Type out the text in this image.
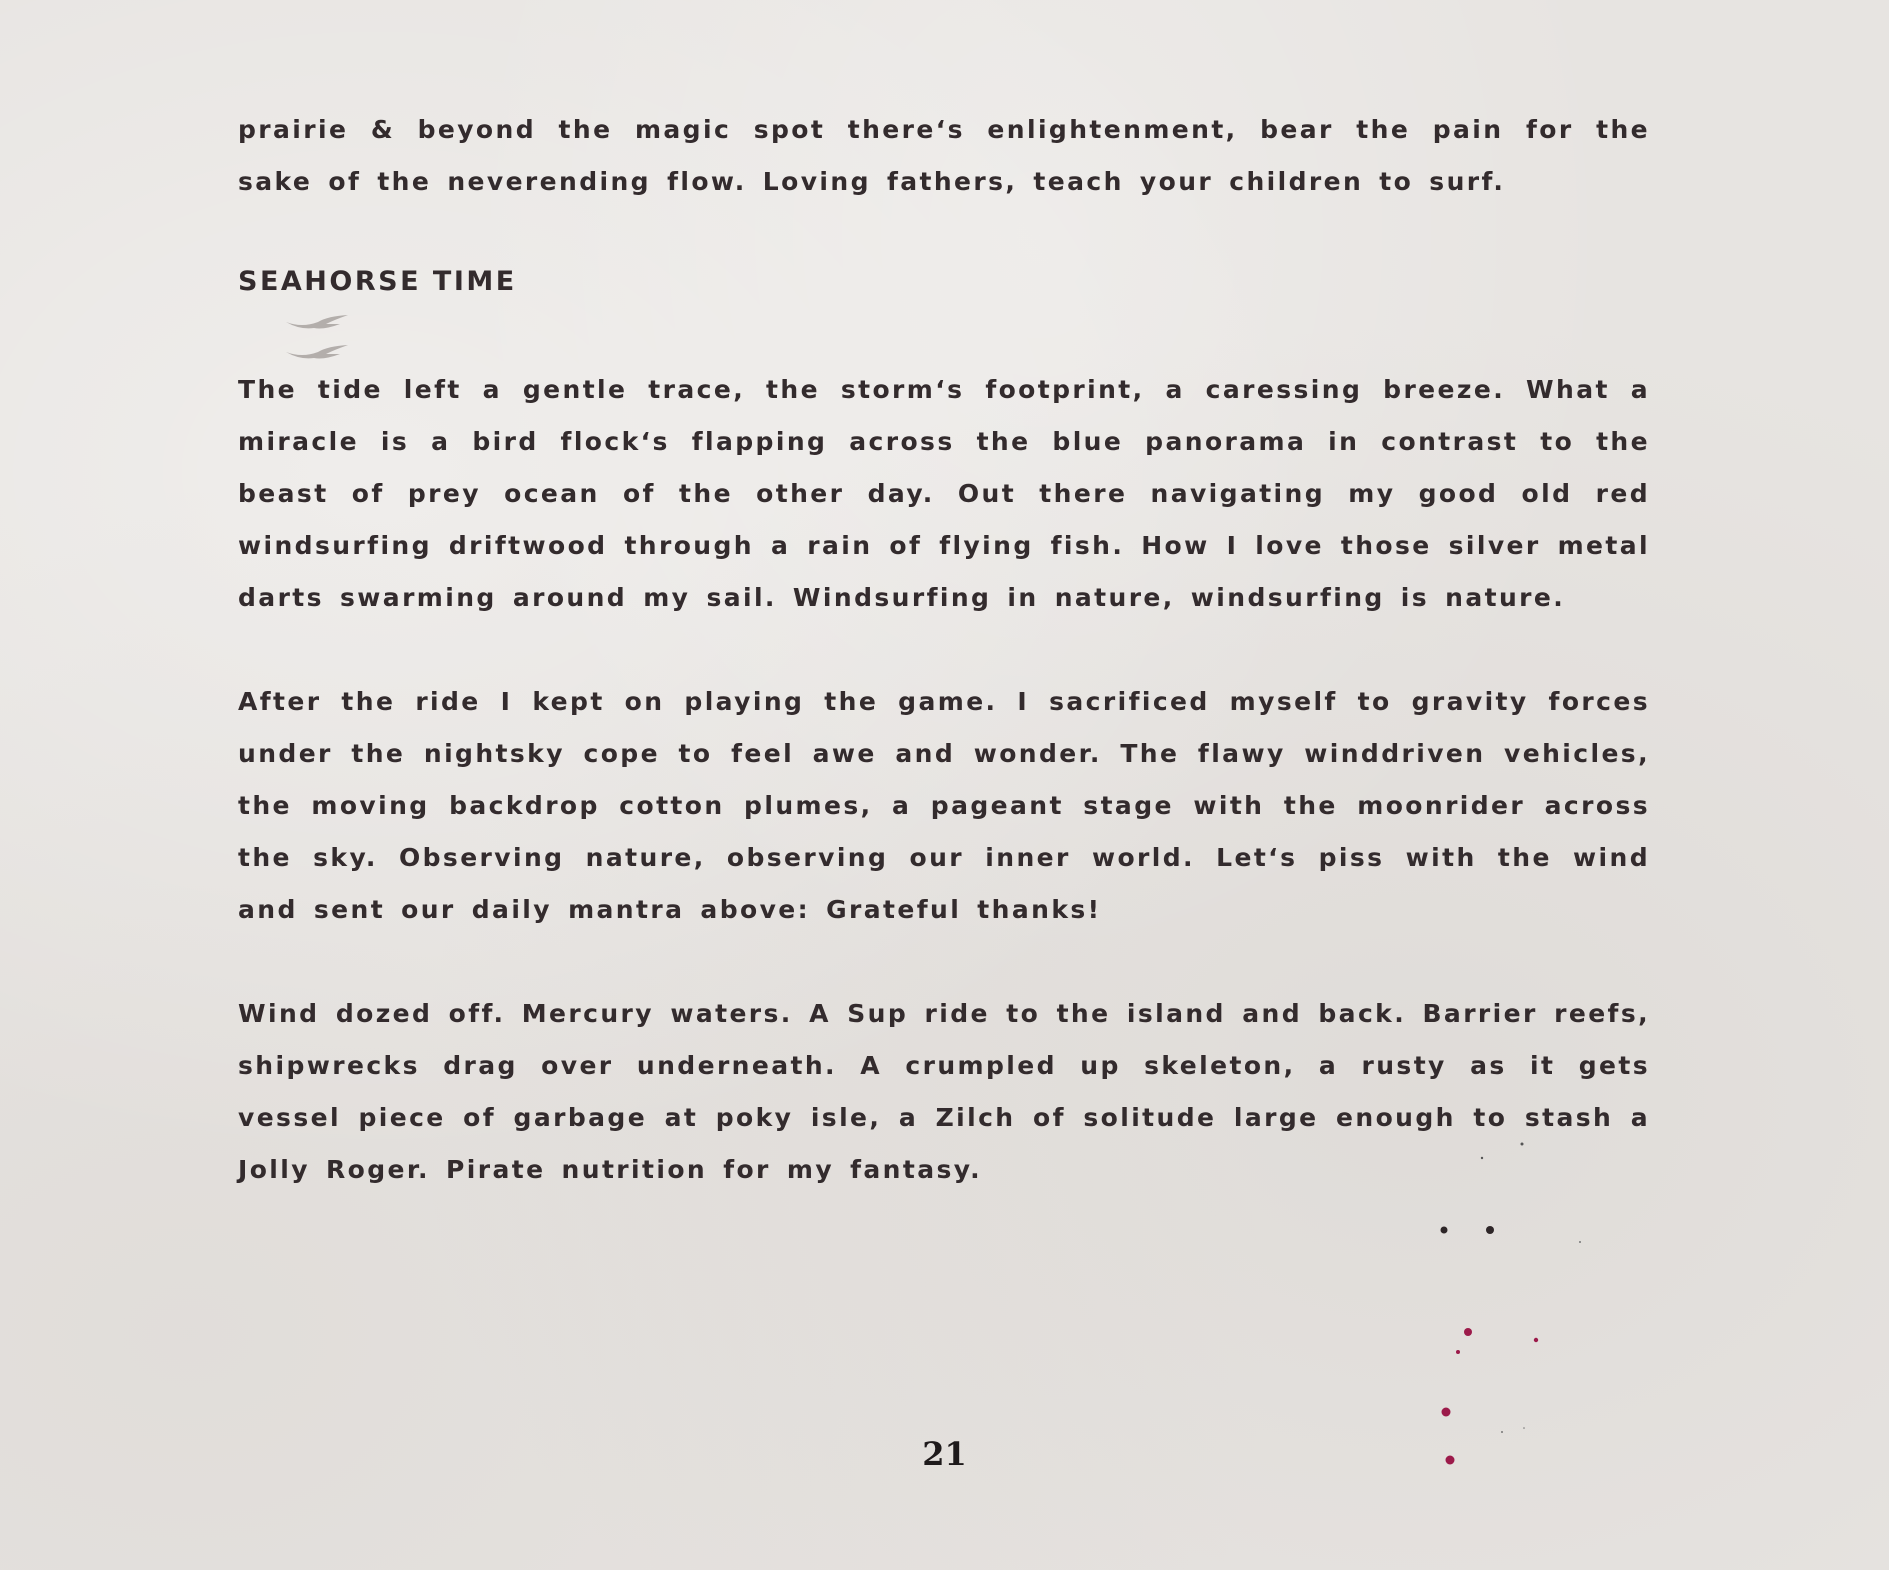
prairie & beyond the magic spot there‘s enlightenment, bear the pain for the sake of the neverending flow. Loving fathers, teach your children to surf.

SEAHORSE TIME

The tide left a gentle trace, the storm‘s footprint, a caressing breeze. What a miracle is a bird flock‘s flapping across the blue panorama in contrast to the beast of prey ocean of the other day. Out there navigating my good old red windsurfing driftwood through a rain of flying fish. How I love those silver metal darts swarming around my sail. Windsurfing in nature, windsurfing is nature.

After the ride I kept on playing the game. I sacrificed myself to gravity forces under the nightsky cope to feel awe and wonder. The flawy winddriven vehicles, the moving backdrop cotton plumes, a pageant stage with the moonrider across the sky. Observing nature, observing our inner world. Let‘s piss with the wind and sent our daily mantra above: Grateful thanks!

Wind dozed off. Mercury waters. A Sup ride to the island and back. Barrier reefs, shipwrecks drag over underneath. A crumpled up skeleton, a rusty as it gets vessel piece of garbage at poky isle, a Zilch of solitude large enough to stash a Jolly Roger. Pirate nutrition for my fantasy.

21
